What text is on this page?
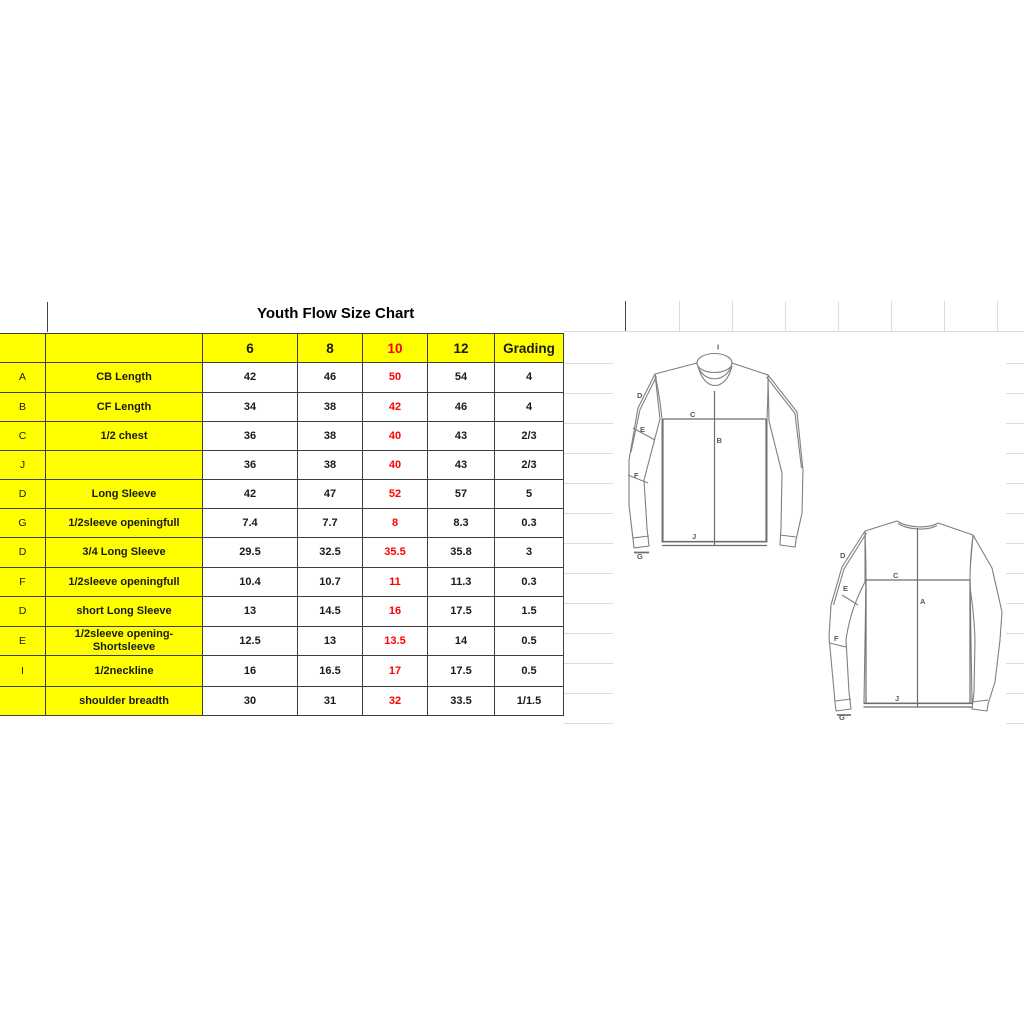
Youth Flow Size Chart
		6	8	10	12	Grading
A	CB Length	42	46	50	54	4
B	CF Length	34	38	42	46	4
C	1/2 chest	36	38	40	43	2/3
J		36	38	40	43	2/3
D	Long Sleeve	42	47	52	57	5
G	1/2sleeve openingfull	7.4	7.7	8	8.3	0.3
D	3/4 Long Sleeve	29.5	32.5	35.5	35.8	3
F	1/2sleeve openingfull	10.4	10.7	11	11.3	0.3
D	short Long Sleeve	13	14.5	16	17.5	1.5
E	1/2sleeve opening-Shortsleeve	12.5	13	13.5	14	0.5
I	1/2neckline	16	16.5	17	17.5	0.5
	shoulder breadth	30	31	32	33.5	1/1.5
I
D
C
B
E
F
J
G	D
E
F
C
A
J
G
